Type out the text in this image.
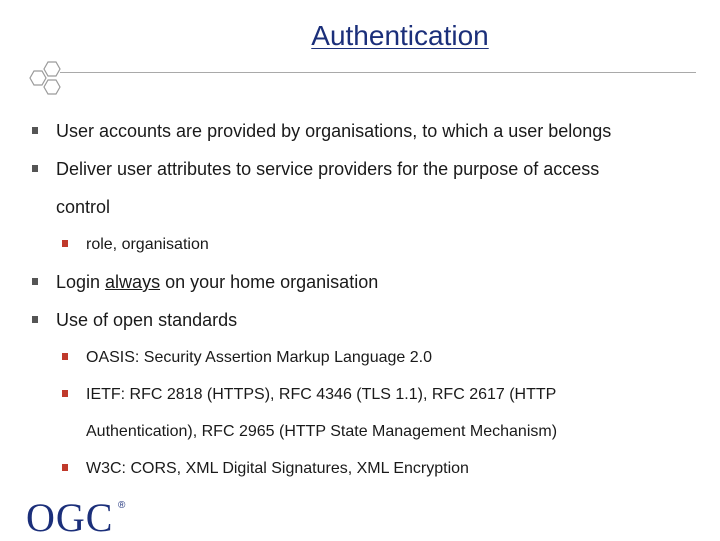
Authentication
User accounts are provided by organisations, to which a user belongs
Deliver user attributes to service providers for the purpose of access
control
role, organisation
Login always on your home organisation
Use of open standards
OASIS: Security Assertion Markup Language 2.0
IETF: RFC 2818 (HTTPS), RFC 4346 (TLS 1.1), RFC 2617 (HTTP
Authentication), RFC 2965 (HTTP State Management Mechanism)
W3C: CORS, XML Digital Signatures, XML Encryption
OGC ®
